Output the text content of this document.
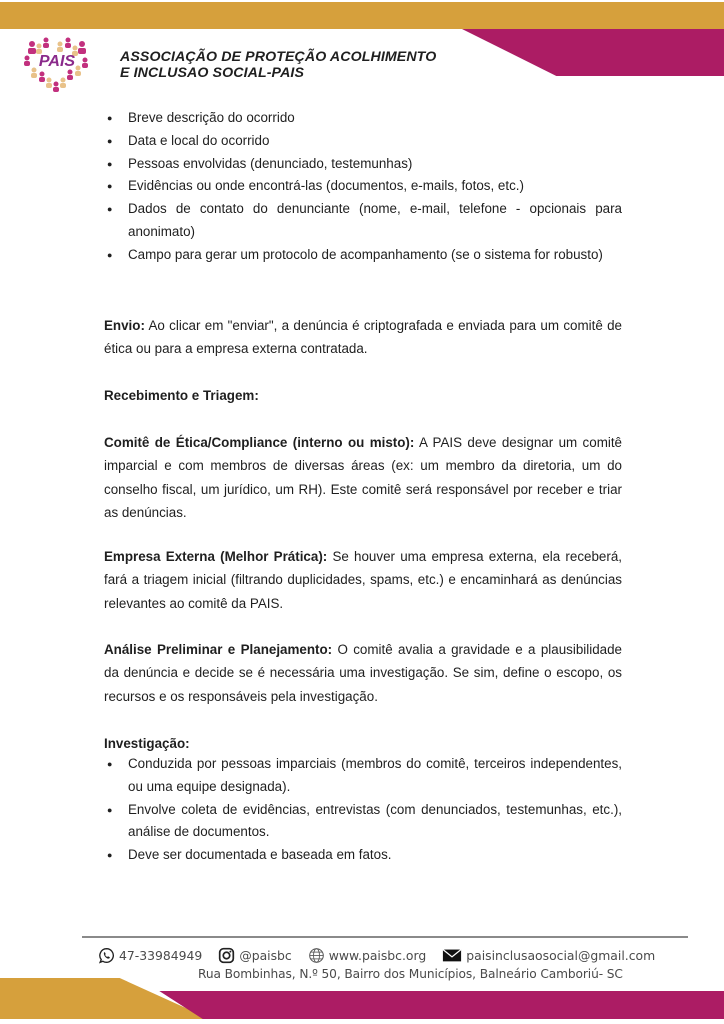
PAIS	ASSOCIAÇÃO DE PROTEÇÃO ACOLHIMENTO
E INCLUSAO SOCIAL-PAIS
● Breve descrição do ocorrido
● Data e local do ocorrido
● Pessoas envolvidas (denunciado, testemunhas)
● Evidências ou onde encontrá-las (documentos, e-mails, fotos, etc.)
● Dados de contato do denunciante (nome, e-mail, telefone - opcionais para anonimato)
● Campo para gerar um protocolo de acompanhamento (se o sistema for robusto)

Envio: Ao clicar em "enviar", a denúncia é criptografada e enviada para um comitê de ética ou para a empresa externa contratada.

Recebimento e Triagem:

Comitê de Ética/Compliance (interno ou misto): A PAIS deve designar um comitê imparcial e com membros de diversas áreas (ex: um membro da diretoria, um do conselho fiscal, um jurídico, um RH). Este comitê será responsável por receber e triar as denúncias.

Empresa Externa (Melhor Prática): Se houver uma empresa externa, ela receberá, fará a triagem inicial (filtrando duplicidades, spams, etc.) e encaminhará as denúncias relevantes ao comitê da PAIS.

Análise Preliminar e Planejamento: O comitê avalia a gravidade e a plausibilidade da denúncia e decide se é necessária uma investigação. Se sim, define o escopo, os recursos e os responsáveis pela investigação.

Investigação:

● Conduzida por pessoas imparciais (membros do comitê, terceiros independentes, ou uma equipe designada).
● Envolve coleta de evidências, entrevistas (com denunciados, testemunhas, etc.), análise de documentos.
● Deve ser documentada e baseada em fatos.
47-33984949	@paisbc	www.paisbc.org	paisinclusaosocial@gmail.com
Rua Bombinhas, N.º 50, Bairro dos Municípios, Balneário Camboriú- SC
